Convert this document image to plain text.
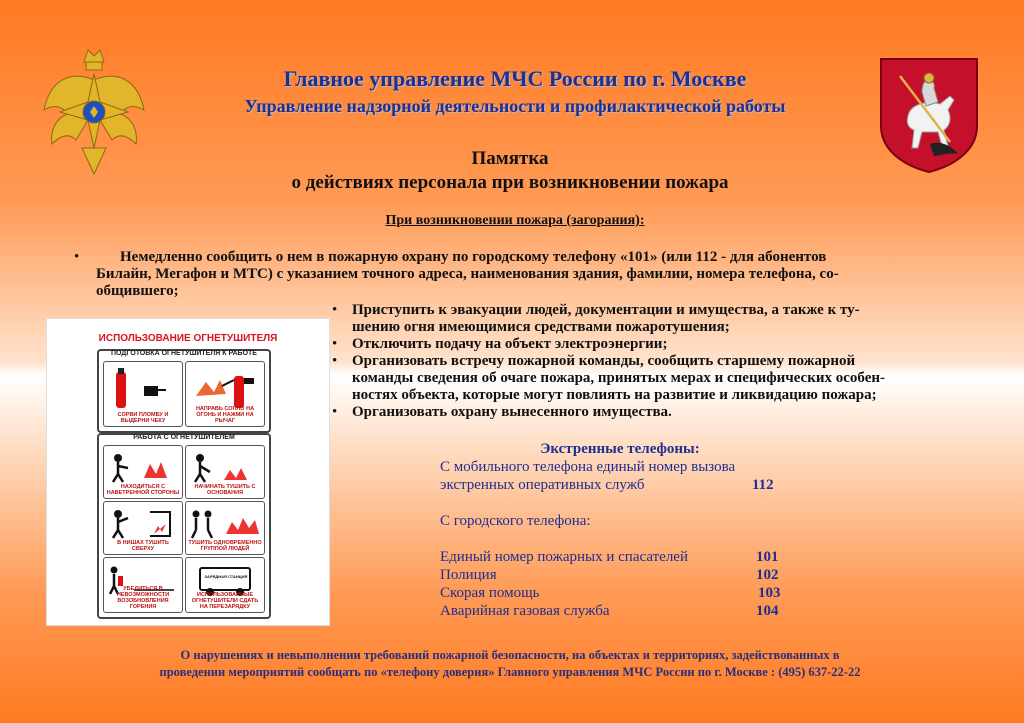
Главное управление МЧС России по г. Москве
Управление надзорной деятельности и профилактической работы
Памятка
о действиях персонала при возникновении пожара
При возникновении пожара (загорания):
•	Немедленно сообщить о нем в пожарную охрану по городскому телефону «101» (или 112 - для абонентов
Билайн, Мегафон и МТС) с указанием точного адреса, наименования здания, фамилии, номера телефона, со-
общившего;
• Приступить к эвакуации людей, документации и имущества, а также к ту-
шению огня имеющимися средствами пожаротушения;
• Отключить подачу на объект электроэнергии;
• Организовать встречу пожарной команды, сообщить старшему пожарной
команды сведения об очаге пожара, принятых мерах и специфических особен-
ностях объекта, которые могут повлиять на развитие и ликвидацию пожара;
• Организовать охрану вынесенного имущества.
ИСПОЛЬЗОВАНИЕ ОГНЕТУШИТЕЛЯ
ПОДГОТОВКА ОГНЕТУШИТЕЛЯ К РАБОТЕ
СОРВИ ПЛОМБУ И ВЫДЕРНИ ЧЕКУ
НАПРАВЬ СОПЛО НА ОГОНЬ И НАЖМИ НА РЫЧАГ
РАБОТА С ОГНЕТУШИТЕЛЕМ
НАХОДИТЬСЯ С НАВЕТРЕННОЙ СТОРОНЫ
НАЧИНАТЬ ТУШИТЬ С ОСНОВАНИЯ
В НИШАХ ТУШИТЬ СВЕРХУ
ТУШИТЬ ОДНОВРЕМЕННО ГРУППОЙ ЛЮДЕЙ
УБЕДИТЬСЯ В НЕВОЗМОЖНОСТИ ВОЗОБНОВЛЕНИЯ ГОРЕНИЯ
ЗАРЯДНАЯ СТАНЦИЯ
ИСПОЛЬЗОВАННЫЕ ОГНЕТУШИТЕЛИ СДАТЬ НА ПЕРЕЗАРЯДКУ
Экстренные телефоны:
С мобильного телефона единый номер вызова
экстренных оперативных служб	112
С городского телефона:
Единый номер пожарных и спасателей	101
Полиция	102
Скорая помощь	103
Аварийная газовая служба	104
О нарушениях и невыполнении требований пожарной безопасности, на объектах и территориях, задействованных в
проведении мероприятий сообщать по «телефону доверия» Главного управления МЧС России по г. Москве : (495) 637-22-22
